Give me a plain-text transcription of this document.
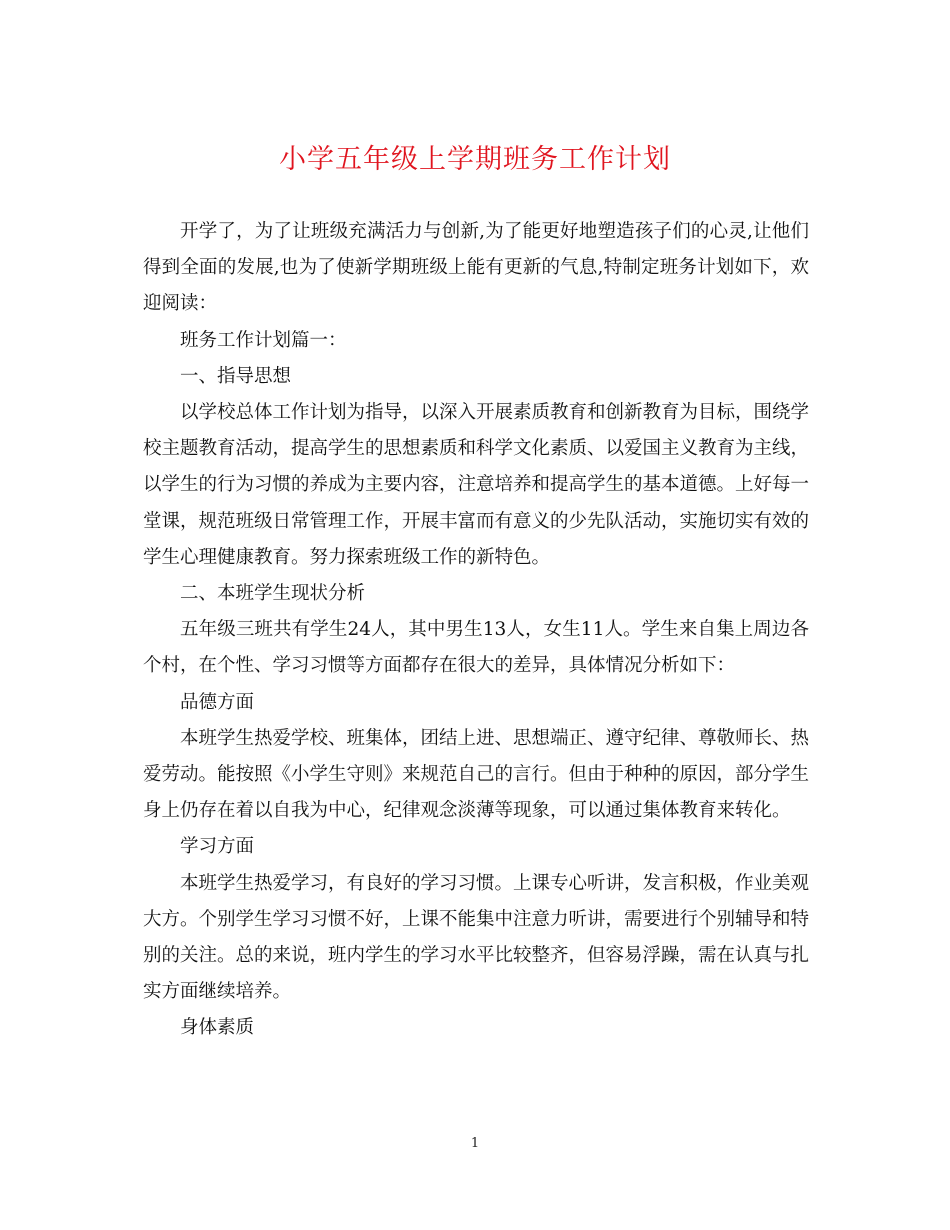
小学五年级上学期班务工作计划

开学了，为了让班级充满活力与创新,为了能更好地塑造孩子们的心灵,让他们得到全面的发展,也为了使新学期班级上能有更新的气息,特制定班务计划如下，欢迎阅读：

班务工作计划篇一：

一、指导思想

以学校总体工作计划为指导，以深入开展素质教育和创新教育为目标，围绕学校主题教育活动，提高学生的思想素质和科学文化素质、以爱国主义教育为主线，以学生的行为习惯的养成为主要内容，注意培养和提高学生的基本道德。上好每一堂课，规范班级日常管理工作，开展丰富而有意义的少先队活动，实施切实有效的学生心理健康教育。努力探索班级工作的新特色。

二、本班学生现状分析

五年级三班共有学生24人，其中男生13人，女生11人。学生来自集上周边各个村，在个性、学习习惯等方面都存在很大的差异，具体情况分析如下：

品德方面

本班学生热爱学校、班集体，团结上进、思想端正、遵守纪律、尊敬师长、热爱劳动。能按照《小学生守则》来规范自己的言行。但由于种种的原因，部分学生身上仍存在着以自我为中心，纪律观念淡薄等现象，可以通过集体教育来转化。

学习方面

本班学生热爱学习，有良好的学习习惯。上课专心听讲，发言积极，作业美观大方。个别学生学习习惯不好，上课不能集中注意力听讲，需要进行个别辅导和特别的关注。总的来说，班内学生的学习水平比较整齐，但容易浮躁，需在认真与扎实方面继续培养。

身体素质

1
